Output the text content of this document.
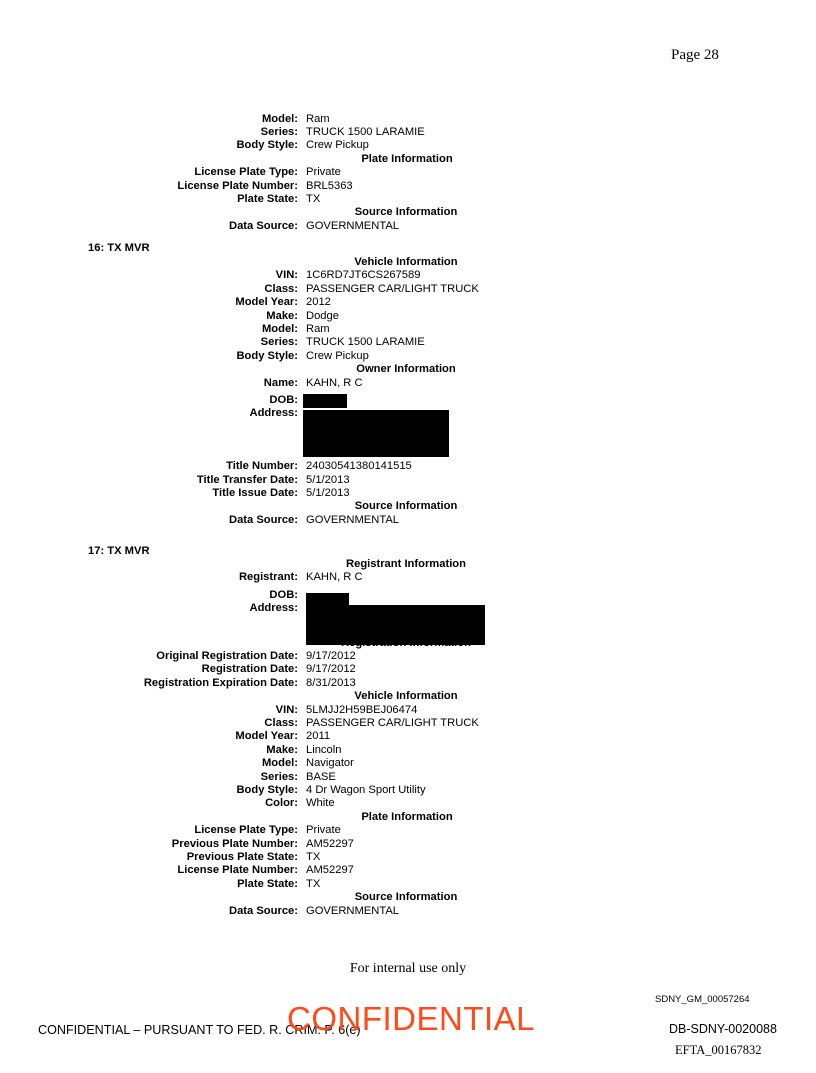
Page 28
Model: Ram
Series: TRUCK 1500 LARAMIE
Body Style: Crew Pickup
Plate Information
License Plate Type: Private
License Plate Number: BRL5363
Plate State: TX
Source Information
Data Source: GOVERNMENTAL
16: TX MVR
Vehicle Information
VIN: 1C6RD7JT6CS267589
Class: PASSENGER CAR/LIGHT TRUCK
Model Year: 2012
Make: Dodge
Model: Ram
Series: TRUCK 1500 LARAMIE
Body Style: Crew Pickup
Owner Information
Name: KAHN, R C
DOB:
Address:
Title Number: 24030541380141515
Title Transfer Date: 5/1/2013
Title Issue Date: 5/1/2013
Source Information
Data Source: GOVERNMENTAL
17: TX MVR
Registrant Information
Registrant: KAHN, R C
DOB:
Address:
Original Registration Date: 9/17/2012
Registration Date: 9/17/2012
Registration Expiration Date: 8/31/2013
Vehicle Information
VIN: 5LMJJ2H59BEJ06474
Class: PASSENGER CAR/LIGHT TRUCK
Model Year: 2011
Make: Lincoln
Model: Navigator
Series: BASE
Body Style: 4 Dr Wagon Sport Utility
Color: White
Plate Information
License Plate Type: Private
Previous Plate Number: AM52297
Previous Plate State: TX
License Plate Number: AM52297
Plate State: TX
Source Information
Data Source: GOVERNMENTAL
For internal use only
SDNY_GM_00057264
CONFIDENTIAL – PURSUANT TO FED. R. CRIM. P. 6(e)
CONFIDENTIAL	DB-SDNY-0020088
EFTA_00167832
